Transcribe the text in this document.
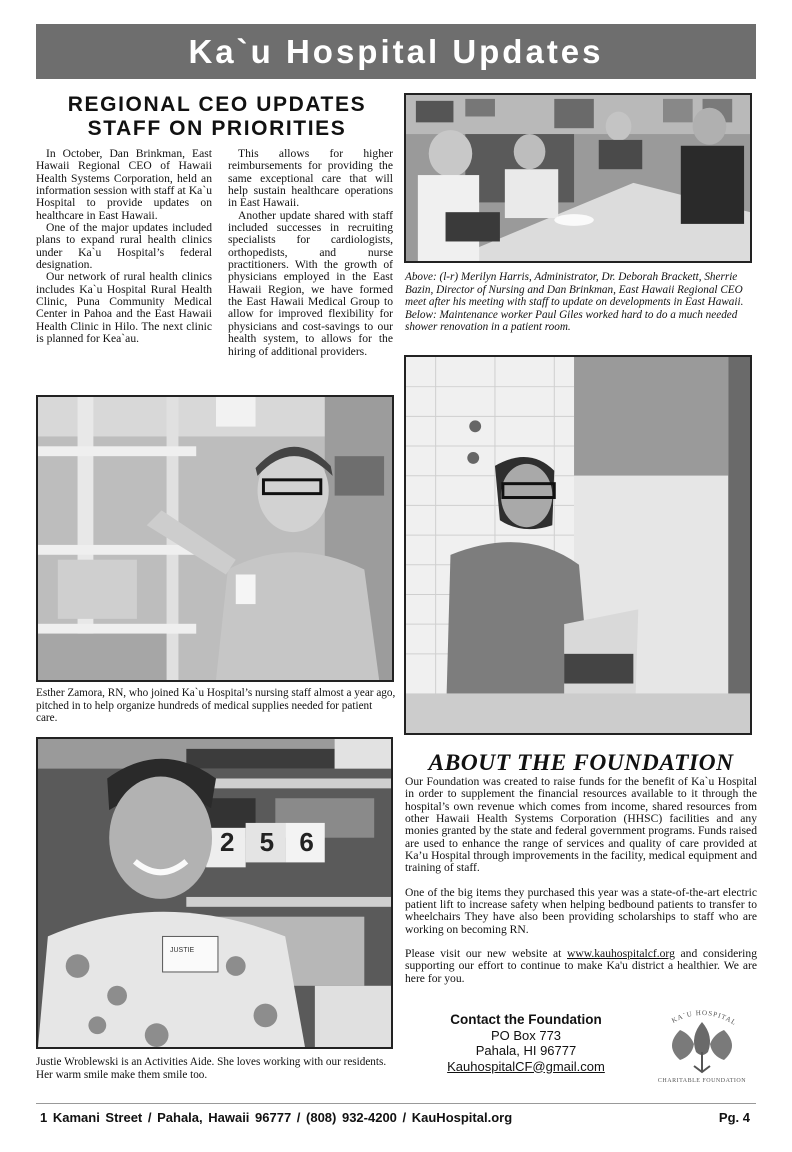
Ka`u Hospital Updates
REGIONAL CEO UPDATES
STAFF ON PRIORITIES

In October, Dan Brinkman, East Hawaii Regional CEO of Hawaii Health Systems Corporation, held an information session with staff at Ka`u Hospital to provide updates on healthcare in East Hawaii.

One of the major updates included plans to expand rural health clinics under Ka`u Hospital’s federal designation.

Our network of rural health clinics includes Ka`u Hospital Rural Health Clinic, Puna Community Medical Center in Pahoa and the East Hawaii Health Clinic in Hilo. The next clinic is planned for Kea`au.

This allows for higher reimbursements for providing the same exceptional care that will help sustain healthcare operations in East Hawaii.

Another update shared with staff included successes in recruiting specialists for cardiologists, orthopedists, and nurse practitioners. With the growth of physicians employed in the East Hawaii Region, we have formed the East Hawaii Medical Group to allow for improved flexibility for physicians and cost-savings to our health system, to allows for the hiring of additional providers.

Above: (l-r) Merilyn Harris, Administrator, Dr. Deborah Brackett, Sherrie Bazin, Director of Nursing and Dan Brinkman, East Hawaii Regional CEO meet after his meeting with staff to update on developments in East Hawaii. Below: Maintenance worker Paul Giles worked hard to do a much needed shower renovation in a patient room.
Esther Zamora, RN, who joined Ka`u Hospital’s nursing staff almost a year ago, pitched in to help organize hundreds of medical supplies needed for patient care.
2 5 6
JUSTIE
Justie Wroblewski is an Activities Aide. She loves working with our residents. Her warm smile make them smile too.
ABOUT THE FOUNDATION

Our Foundation was created to raise funds for the benefit of Ka`u Hospital in order to supplement the financial resources available to it through the hospital’s own revenue which comes from income, shared resources from other Hawaii Health Systems Corporation (HHSC) facilities and any monies granted by the state and federal government programs. Funds raised are used to enhance the range of services and quality of care provided at Ka’u Hospital through improvements in the facility, medical equipment and training of staff.

One of the big items they purchased this year was a state-of-the-art electric patient lift to increase safety when helping bedbound patients to transfer to wheelchairs They have also been providing scholarships to staff who are working on becoming RN.

Please visit our new website at www.kauhospitalcf.org and considering supporting our effort to continue to make Ka'u district a healthier. We are here for you.

Contact the Foundation
PO Box 773
Pahala, HI 96777
KauhospitalCF@gmail.com
KA`U HOSPITAL
CHARITABLE FOUNDATION
1 Kamani Street / Pahala, Hawaii 96777 / (808) 932-4200 / KauHospital.org	Pg. 4
